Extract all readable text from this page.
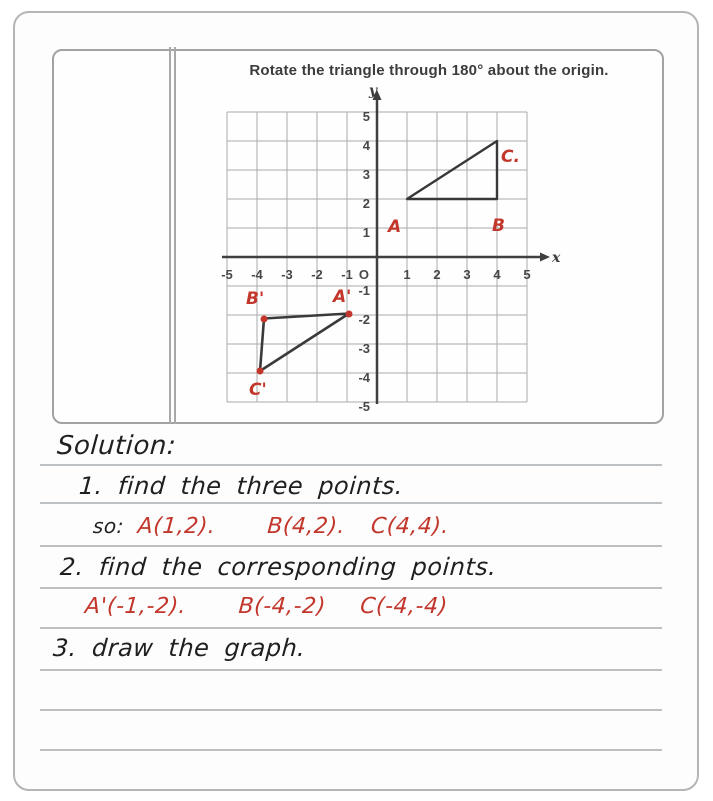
Rotate the triangle through 180° about the origin.
y
x
O
-5 -4 -3 -2 -1	1 2 3 4 5
5
4
3
2
1
-1
-2
-3
-4
-5
A	B
C.
B'	A'
C'
Solution:
1. find the three points.
so: A(1,2). B(4,2). C(4,4).
2. find the corresponding points.
A'(-1,-2). B(-4,-2) C(-4,-4)
3. draw the graph.
